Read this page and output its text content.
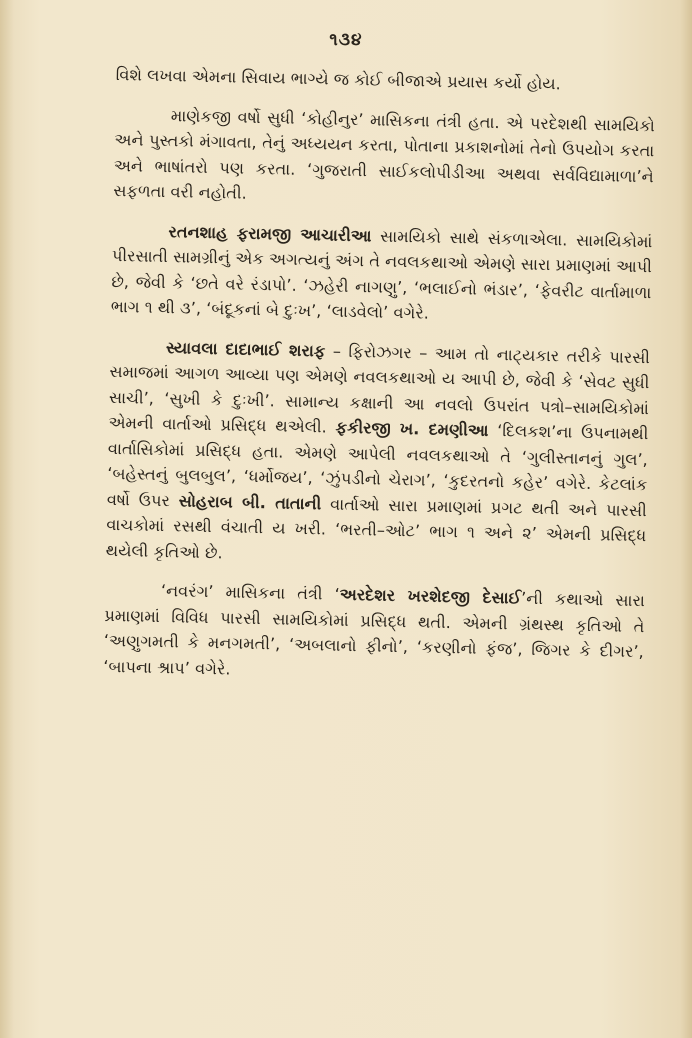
૧૩૪

વિશે લખવા એમના સિવાય ભાગ્યે જ કોઈ બીજાએ પ્રયાસ કર્યો હોય.

માણેકજી વર્ષો સુધી ‘કોહીનુર’ માસિકના તંત્રી હતા. એ પરદેશથી સામયિકો અને પુસ્તકો મંગાવતા, તેનું અધ્યયન કરતા, પોતાના પ્રકાશનોમાં તેનો ઉપયોગ કરતા અને ભાષાંતરો પણ કરતા. ‘ગુજરાતી સાઈકલોપીડીઆ અથવા સર્વવિદ્યામાળા’ને સફળતા વરી નહોતી.

રતનશાહ ફરામજી આચારીઆ સામયિકો સાથે સંકળાએલા. સામયિકોમાં પીરસાતી સામગ્રીનું એક અગત્યનું અંગ તે નવલકથાઓ એમણે સારા પ્રમાણમાં આપી છે, જેવી કે ‘છતે વરે રંડાપો’. ‘ઝહેરી નાગણુ’, ‘ભલાઈનો ભંડાર’, ‘ફેવરીટ વાર્તામાળા ભાગ ૧ થી ૩’, ‘બંદૂકનાં બે દુઃખ’, ‘લાડવેલો’ વગેરે.

સ્યાવલા દાદાભાઈ શરાફ – ફિરોઝગર – આમ તો નાટ્યકાર તરીકે પારસી સમાજમાં આગળ આવ્યા પણ એમણે નવલકથાઓ ય આપી છે, જેવી કે ‘સેવટ સુધી સાચી’, ‘સુખી કે દુઃખી’. સામાન્ય કક્ષાની આ નવલો ઉપરાંત પત્રો–સામયિકોમાં એમની વાર્તાઓ પ્રસિદ્ધ થએલી. ફકીરજી ખ. દમણીઆ ‘દિલકશ’ના ઉપનામથી વાર્તાસિકોમાં પ્રસિદ્ધ હતા. એમણે આપેલી નવલકથાઓ તે ‘ગુલીસ્તાનનું ગુલ’, ‘બહેસ્તનું બુલબુલ’, ‘ધર્મોજય’, ‘ઝુંપડીનો ચેરાગ’, ‘કુદરતનો કહેર’ વગેરે. કેટલાંક વર્ષો ઉપર સોહરાબ બી. તાતાની વાર્તાઓ સારા પ્રમાણમાં પ્રગટ થતી અને પારસી વાચકોમાં રસથી વંચાતી ય ખરી. ‘ભરતી–ઓટ’ ભાગ ૧ અને ૨’ એમની પ્રસિદ્ધ થયેલી કૃતિઓ છે.

‘નવરંગ’ માસિકના તંત્રી ‘અરદેશર ખરશેદજી દેસાઈ’ની કથાઓ સારા પ્રમાણમાં વિવિધ પારસી સામયિકોમાં પ્રસિદ્ધ થતી. એમની ગ્રંથસ્થ કૃતિઓ તે ‘અણુગમતી કે મનગમતી’, ‘અબલાનો ફીનો’, ‘કરણીનો ફંજ’, જિગર કે દીગર’, ‘બાપના શ્રાપ’ વગેરે.
